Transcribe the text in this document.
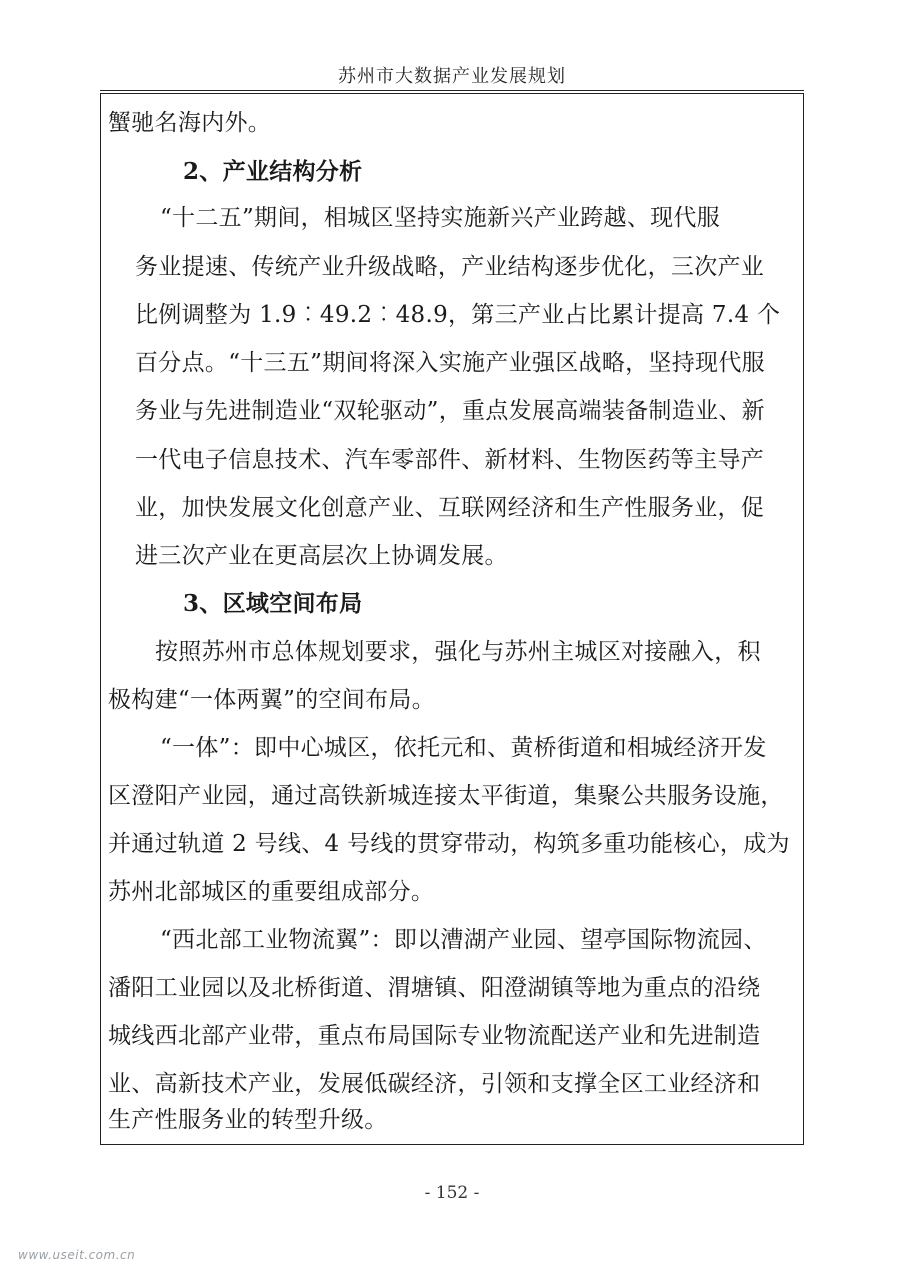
苏州市大数据产业发展规划
蟹驰名海内外。
2、产业结构分析
“十二五”期间，相城区坚持实施新兴产业跨越、现代服
务业提速、传统产业升级战略，产业结构逐步优化，三次产业
比例调整为 1.9︰49.2︰48.9，第三产业占比累计提高 7.4 个
百分点。“十三五”期间将深入实施产业强区战略，坚持现代服
务业与先进制造业“双轮驱动”，重点发展高端装备制造业、新
一代电子信息技术、汽车零部件、新材料、生物医药等主导产
业，加快发展文化创意产业、互联网经济和生产性服务业，促
进三次产业在更高层次上协调发展。
3、区域空间布局
按照苏州市总体规划要求，强化与苏州主城区对接融入，积
极构建“一体两翼”的空间布局。
“一体”：即中心城区，依托元和、黄桥街道和相城经济开发
区澄阳产业园，通过高铁新城连接太平街道，集聚公共服务设施，
并通过轨道 2 号线、4 号线的贯穿带动，构筑多重功能核心，成为
苏州北部城区的重要组成部分。
“西北部工业物流翼”：即以漕湖产业园、望亭国际物流园、
潘阳工业园以及北桥街道、渭塘镇、阳澄湖镇等地为重点的沿绕
城线西北部产业带，重点布局国际专业物流配送产业和先进制造
业、高新技术产业，发展低碳经济，引领和支撑全区工业经济和
生产性服务业的转型升级。
- 152 -
www.useit.com.cn
